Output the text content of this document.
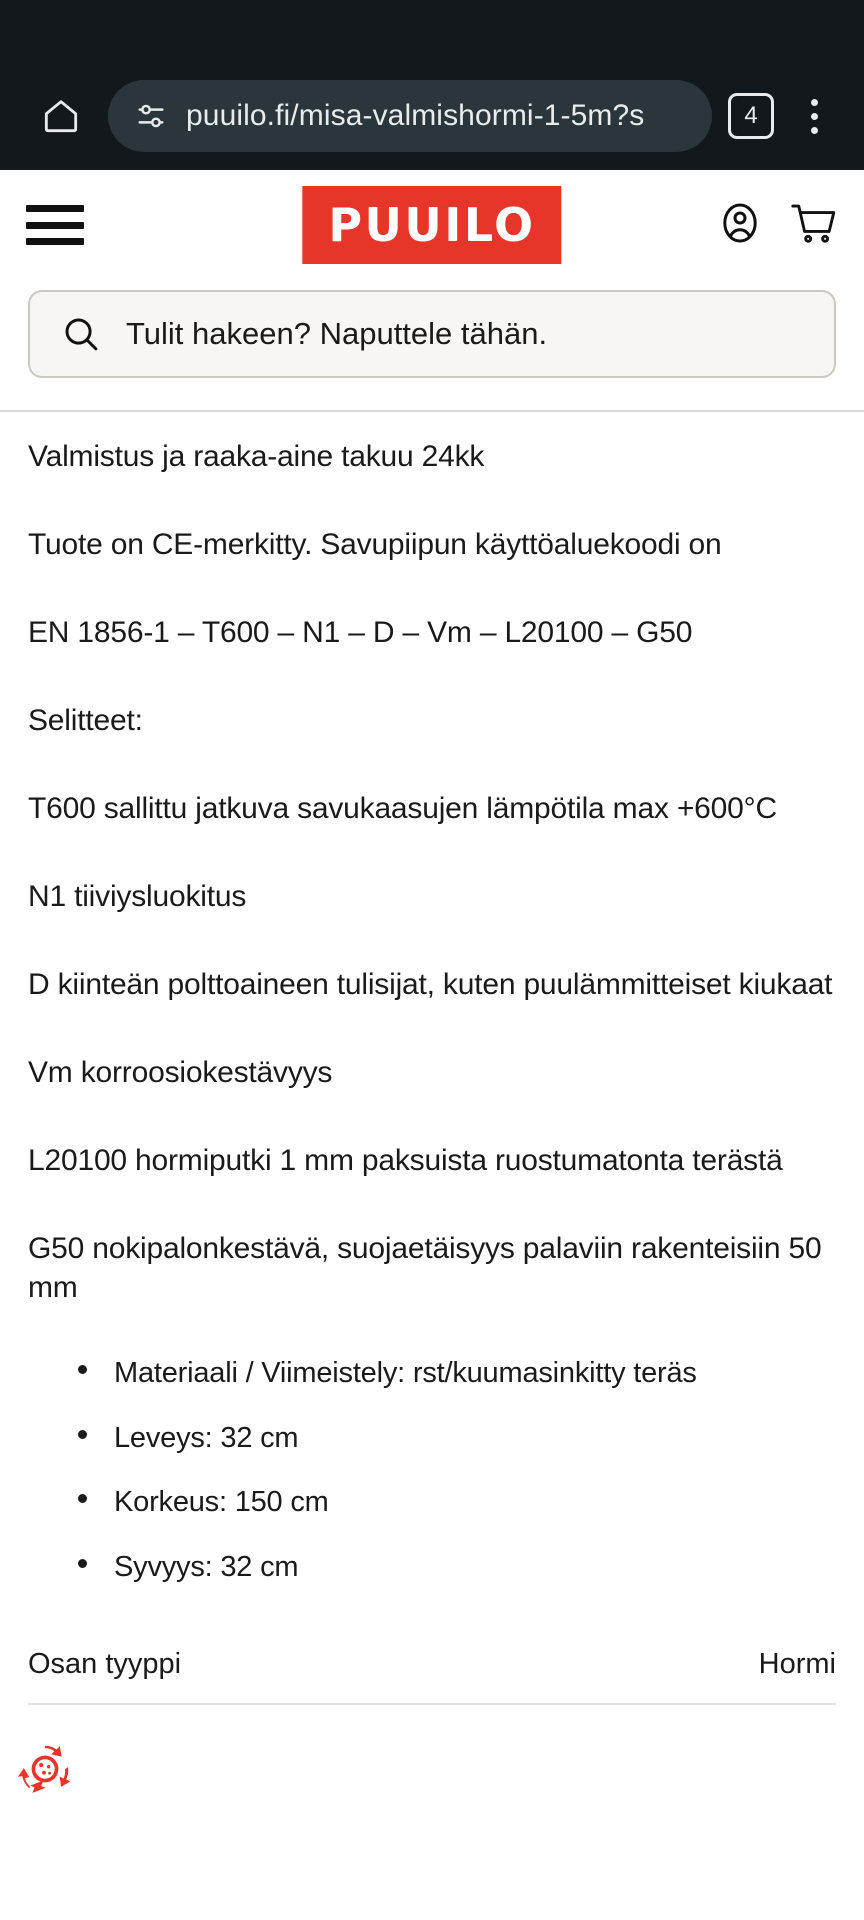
puuilo.fi/misa-valmishormi-1-5m?s	4
PUUILO
Tulit hakeen? Naputtele tähän.

Valmistus ja raaka-aine takuu 24kk

Tuote on CE-merkitty. Savupiipun käyttöaluekoodi on

EN 1856-1 – T600 – N1 – D – Vm – L20100 – G50

Selitteet:

T600 sallittu jatkuva savukaasujen lämpötila max +600°C

N1 tiiviysluokitus

D kiinteän polttoaineen tulisijat, kuten puulämmitteiset kiukaat

Vm korroosiokestävyys

L20100 hormiputki 1 mm paksuista ruostumatonta terästä

G50 nokipalonkestävä, suojaetäisyys palaviin rakenteisiin 50 mm

Materiaali / Viimeistely: rst/kuumasinkitty teräs
Leveys: 32 cm
Korkeus: 150 cm
Syvyys: 32 cm
Osan tyyppi	Hormi
